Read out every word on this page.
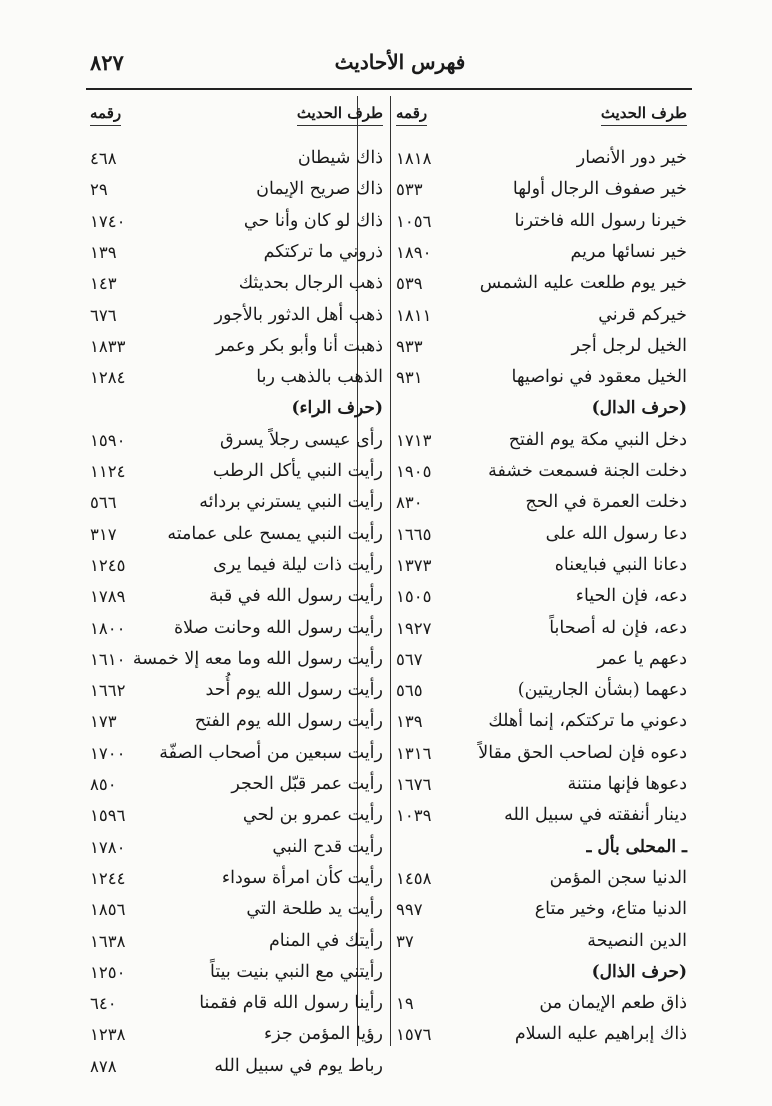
٨٢٧	فهرس الأحاديث
طرف الحديث
رقمه
طرف الحديث
رقمه
خير دور الأنصار
١٨١٨
خير صفوف الرجال أولها
٥٣٣
خيرنا رسول الله فاخترنا
١٠٥٦
خير نسائها مريم
١٨٩٠
خير يوم طلعت عليه الشمس
٥٣٩
خيركم قرني
١٨١١
الخيل لرجل أجر
٩٣٣
الخيل معقود في نواصيها
٩٣١
(حرف الدال)
دخل النبي مكة يوم الفتح
١٧١٣
دخلت الجنة فسمعت خشفة
١٩٠٥
دخلت العمرة في الحج
٨٣٠
دعا رسول الله على
١٦٦٥
دعانا النبي فبايعناه
١٣٧٣
دعه، فإن الحياء
١٥٠٥
دعه، فإن له أصحاباً
١٩٢٧
دعهم يا عمر
٥٦٧
دعهما (بشأن الجاريتين)
٥٦٥
دعوني ما تركتكم، إنما أهلك
١٣٩
دعوه فإن لصاحب الحق مقالاً
١٣١٦
دعوها فإنها منتنة
١٦٧٦
دينار أنفقته في سبيل الله
١٠٣٩
ـ المحلى بأل ـ
الدنيا سجن المؤمن
١٤٥٨
الدنيا متاع، وخير متاع
٩٩٧
الدين النصيحة
٣٧
(حرف الذال)
ذاق طعم الإيمان من
١٩
ذاك إبراهيم عليه السلام
١٥٧٦
ذاك شيطان
٤٦٨
ذاك صريح الإيمان
٢٩
ذاك لو كان وأنا حي
١٧٤٠
ذروني ما تركتكم
١٣٩
ذهب الرجال بحديثك
١٤٣
ذهب أهل الدثور بالأجور
٦٧٦
ذهبت أنا وأبو بكر وعمر
١٨٣٣
الذهب بالذهب ربا
١٢٨٤
(حرف الراء)
رأى عيسى رجلاً يسرق
١٥٩٠
رأيت النبي يأكل الرطب
١١٢٤
رأيت النبي يسترني بردائه
٥٦٦
رأيت النبي يمسح على عمامته
٣١٧
رأيت ذات ليلة فيما يرى
١٢٤٥
رأيت رسول الله في قبة
١٧٨٩
رأيت رسول الله وحانت صلاة
١٨٠٠
رأيت رسول الله وما معه إلا خمسة
١٦١٠
رأيت رسول الله يوم أُحد
١٦٦٢
رأيت رسول الله يوم الفتح
١٧٣
رأيت سبعين من أصحاب الصفّة
١٧٠٠
رأيت عمر قبّل الحجر
٨٥٠
رأيت عمرو بن لحي
١٥٩٦
رأيت قدح النبي
١٧٨٠
رأيت كأن امرأة سوداء
١٢٤٤
رأيت يد طلحة التي
١٨٥٦
رأيتك في المنام
١٦٣٨
رأيتني مع النبي بنيت بيتاً
١٢٥٠
رأينا رسول الله قام فقمنا
٦٤٠
رؤيا المؤمن جزء
١٢٣٨
رباط يوم في سبيل الله
٨٧٨
